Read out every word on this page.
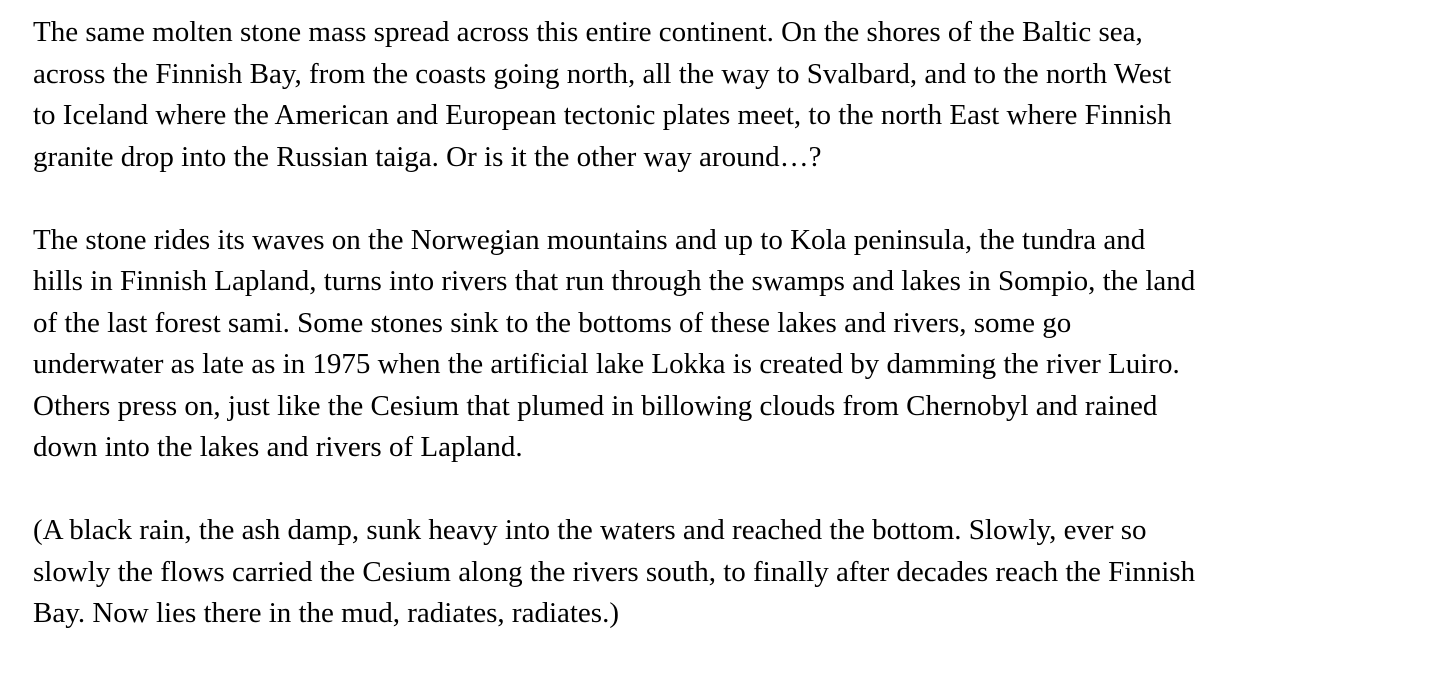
The same molten stone mass spread across this entire continent. On the shores of the Baltic sea,
across the Finnish Bay, from the coasts going north, all the way to Svalbard, and to the north West
to Iceland where the American and European tectonic plates meet, to the north East where Finnish
granite drop into the Russian taiga. Or is it the other way around…?

The stone rides its waves on the Norwegian mountains and up to Kola peninsula, the tundra and
hills in Finnish Lapland, turns into rivers that run through the swamps and lakes in Sompio, the land
of the last forest sami. Some stones sink to the bottoms of these lakes and rivers, some go
underwater as late as in 1975 when the artificial lake Lokka is created by damming the river Luiro.
Others press on, just like the Cesium that plumed in billowing clouds from Chernobyl and rained
down into the lakes and rivers of Lapland.

(A black rain, the ash damp, sunk heavy into the waters and reached the bottom. Slowly, ever so
slowly the flows carried the Cesium along the rivers south, to finally after decades reach the Finnish
Bay. Now lies there in the mud, radiates, radiates.)
